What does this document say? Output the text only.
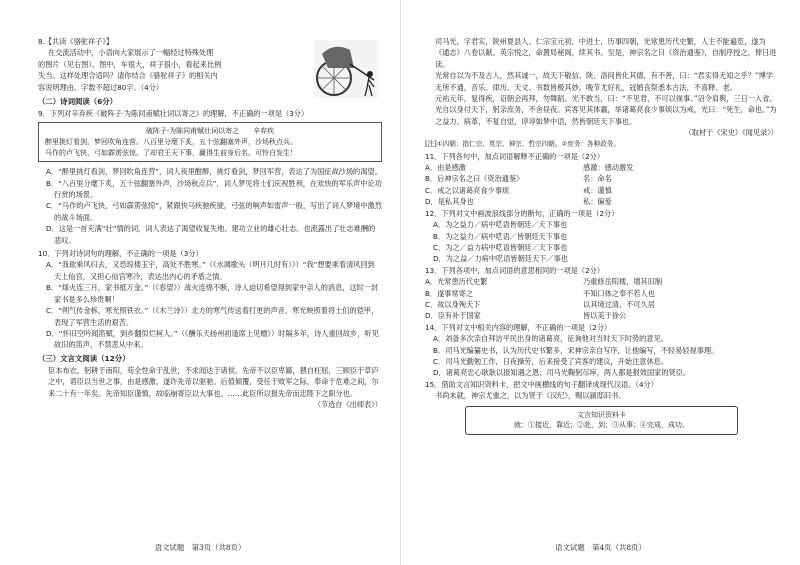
8.【共读《骆驼祥子》】

在交流活动中，小语向大家展示了一幅经过特殊处理

的图片（见右图）。图中，车很大，祥子很小，看起来比例

失当。这样处理合适吗？请你结合《骆驼祥子》的相关内

容说明理由。字数不超过80字。（4分）

（二）诗词阅读（6分）

9．下列对辛弃疾《破阵子·为陈同甫赋壮词以寄之》的理解，不正确的一项是（3分）

破阵子·为陈同甫赋壮词以寄之　　辛弃疾
醉里挑灯看剑，梦回吹角连营。八百里分麾下炙，五十弦翻塞外声，沙场秋点兵。
马作的卢飞快，弓如霹雳弦惊。了却君王天下事，赢得生前身后名。可怜白发生！

A．“醉里挑灯看剑，梦回吹角连营”，词人夜里酣醉，挑灯看剑，梦回军营，表达了为国征战沙场的渴望。

B．“八百里分麾下炙，五十弦翻塞外声，沙场秋点兵”，词人梦见将士们庆祝胜利，在欢快的军乐声中论功行赏的场景。

C．“马作的卢飞快，弓如霹雳弦惊”，紧跟快马疾驰疾驶，弓弦的响声如雷声一般，写出了词人梦境中激烈的战斗场面。

D．这是一首充满“壮”情的词，词人表达了渴望收复失地、建功立业的雄心壮志。也流露出了壮志难酬的悲叹。

10．下列对诗词句的理解，不正确的一项是（3分）

A．“我欲乘风归去，又恐琼楼玉宇，高处不胜寒。”（《水调歌头（明月几时有）》）“我”想要乘着清风回到天上仙宫，又担心仙宫寒冷，表达出内心的矛盾之情。

B．“烽火连三月，家书抵万金。”（《春望》）战火连绵不断，诗人迫切希望得到家中亲人的消息，这时一封家书是多么珍贵啊！

C．“朔气传金柝，寒光照铁衣。”（《木兰诗》）北方的寒气传送着打更的声音，寒光映照着将士们的铠甲，表现了军营生活的艰苦。

D．“怀旧空吟闻笛赋，到乡翻似烂柯人。”（《酬乐天扬州初逢席上见赠》）时隔多年，诗人重回故乡，听见故旧的笛声，不禁悲从中来。

（三）文言文阅读（12分）

臣本布衣，躬耕于南阳，苟全性命于乱世，不求闻达于诸侯。先帝不以臣卑鄙，猥自枉屈，三顾臣于草庐之中，谘臣以当世之事，由是感激，遂许先帝以驱驰。后值倾覆，受任于败军之际，奉命于危难之间，尔来二十有一年矣。先帝知臣谨慎，故临崩寄臣以大事也。……此臣所以报先帝而忠陛下之职分也。

（节选自《出师表》）

语文试题　第3页（共8页）

司马光，字君实，陕州夏县人。仁宗宝元初，中进士，历事四朝，光常患历代史繁，人主不能遍览，遂为《通志》八卷以献。英宗悦之，命置局秘阁，续其书。至是，神宗名之曰《资治通鉴》，自制序授之，俾日进读。

光常自以为不及古人，然其诚一，故天下敬信。陕、洛间皆化其德，有不善，曰：“君实得无知之乎？”博学无所不通，音乐、律历、天文、书数皆极其妙。晚节尤好礼，冠婚丧祭悉本古法，不喜释、老。

元祐元年，复得疾，诏朝会再拜，勿舞蹈。光不敢当，曰：“不见君，不可以视事。”诏令肩舆，三日一入省。光自以身付天下，躬亲庶务，不舍昼夜。宾客见其体羸，举诸葛亮食少事烦以为戒，光曰：“死生，命也。”为之益力。病革，不复自觉，谆谆如梦中语，然皆朝廷天下事也。

（取材于《宋史》《闻见录》）

[注]①四朝：指仁宗、英宗、神宗、哲宗四朝。②庶务：各种政务。

11．下列各句中，加点词语解释不正确的一项是（2分）

A．由是感激	感激：感动激发
B．后神宗名之曰《资治通鉴》	名：命名
C．戒之以诸葛亮食少事烦	戒：谨慎
D．是私其身也	私：偏爱

12．下列对文中画波浪线部分的断句，正确的一项是（2分）

A．为之益力／病中呓语皆朝廷／天下事也

B．为之益力／病中呓语／皆朝廷天下事也

C．为之／益力病中呓语皆朝廷／天下事也

D．为之益／力病中呓语皆朝廷天下／事也

13．下列各项中，加点词语的意思相同的一项是（2分）

A．光常患历代史繁	乃重修岳阳楼，增其旧制
B．遂事常寄之	不知口体之奉不若人也
C．故以身殉天下	以其境过清，不可久居
D．臣有补于国家	皆以美于徐公

14．下列对文中相关内容的理解，不正确的一项是（2分）

A．刘备多次亲自拜访平民出身的诸葛亮，征询他对当时天下时势的意见。

B．司马光编纂史书，认为历代史书繁多，宋神宗亲自写序，让他编写，不轻易轻视事理。

C．司马光勤勉工作，日夜操劳，后来接受了宾客的建议，开始注意休息。

D．诸葛亮忠心耿耿以报知遇之恩；司马光鞠躬尽瘁，两人都是报效国家的贤臣。

15．借助文言知识资料卡，把文中画横线的句子翻译成现代汉语。（4分）

书尚未就，神宗尤重之，以为贤于《汉纪》，赐以颍邸旧书。

文言知识资料卡
就：①接近，靠近；②赴，到；③从事；④完成，成功。
语文试题　第4页（共8页）
